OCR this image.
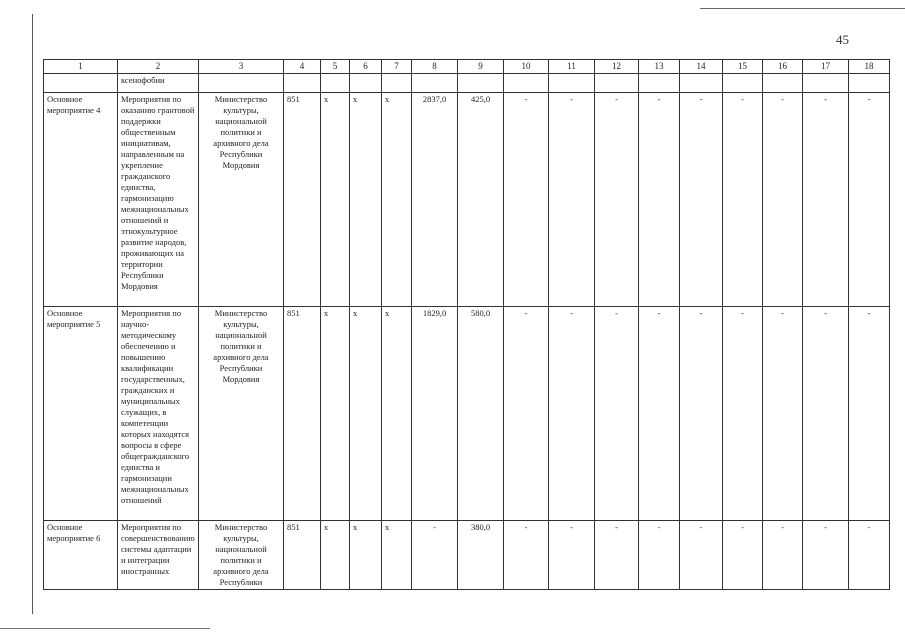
45
1	2	3	4	5	6	7	8	9	10	11	12	13	14	15	16	17	18
	ксенофобии																
Основное мероприятие 4	Мероприятия по оказанию грантовой поддержки общественным инициативам, направленным на укрепление гражданского единства, гармонизацию межнациональных отношений и этнокультурное развитие народов, проживающих на территории Республики Мордовия	Министерство культуры, национальной политики и архивного дела Республики Мордовия	851	х	х	х	2837,0	425,0	-	-	-	-	-	-	-	-	-
Основное мероприятие 5	Мероприятия по научно-методическому обеспечению и повышению квалификации государственных, гражданских и муниципальных служащих, в компетенции которых находятся вопросы в сфере общегражданского единства и гармонизации межнациональных отношений	Министерство культуры, национальной политики и архивного дела Республики Мордовия	851	х	х	х	1829,0	580,0	-	-	-	-	-	-	-	-	-
Основное мероприятие 6	Мероприятия по совершенствованию системы адаптации и интеграции иностранных	Министерство культуры, национальной политики и архивного дела Республики	851	х	х	х	-	380,0	-	-	-	-	-	-	-	-	-
